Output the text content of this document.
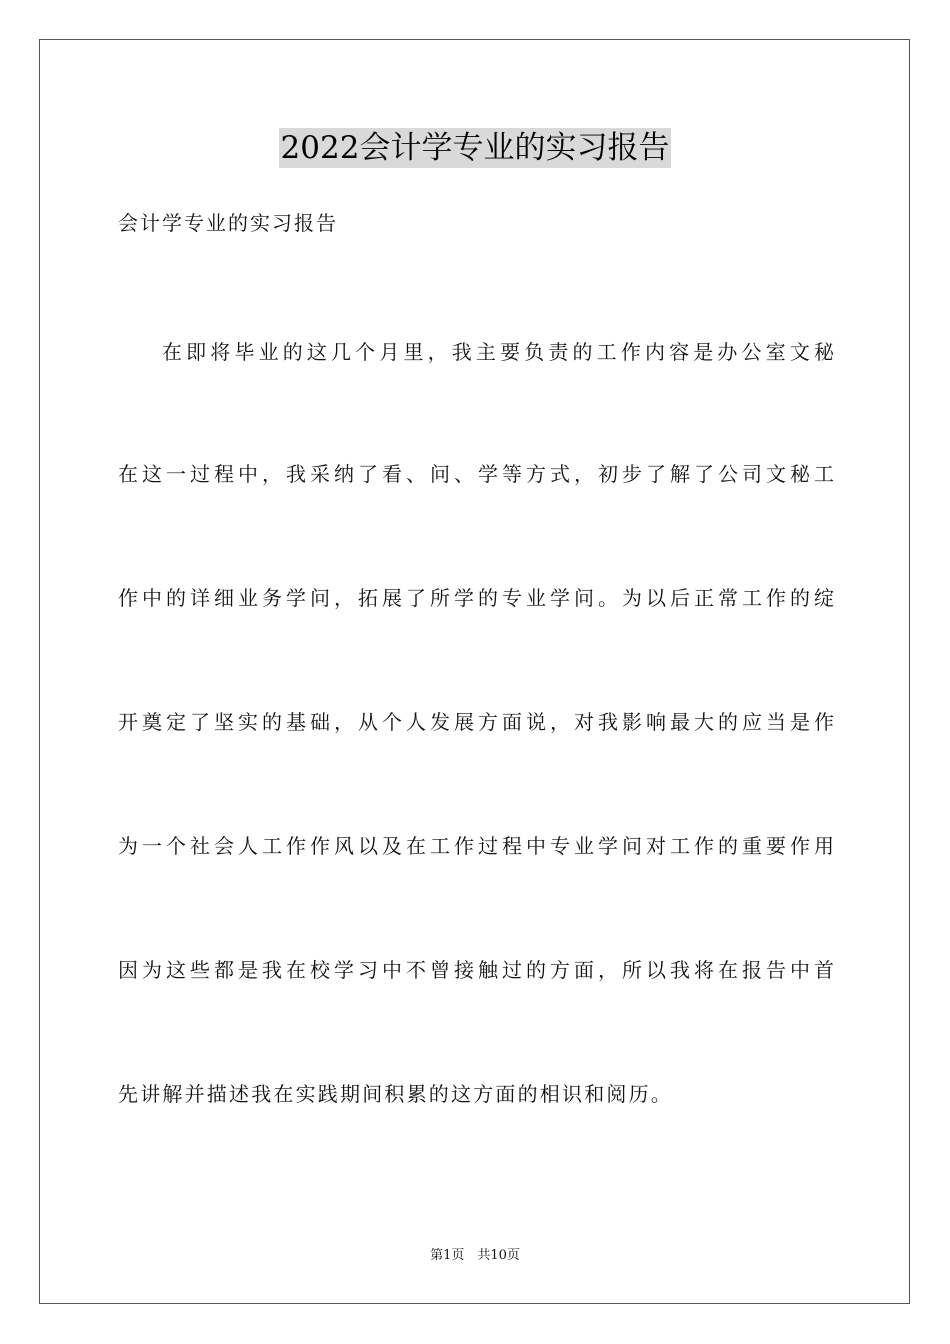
2022会计学专业的实习报告
会计学专业的实习报告
在即将毕业的这几个月里，我主要负责的工作内容是办公室文秘
在这一过程中，我采纳了看、问、学等方式，初步了解了公司文秘工
作中的详细业务学问，拓展了所学的专业学问。为以后正常工作的绽
开奠定了坚实的基础，从个人发展方面说，对我影响最大的应当是作
为一个社会人工作作风以及在工作过程中专业学问对工作的重要作用
因为这些都是我在校学习中不曾接触过的方面，所以我将在报告中首
先讲解并描述我在实践期间积累的这方面的相识和阅历。
第1页　共10页
